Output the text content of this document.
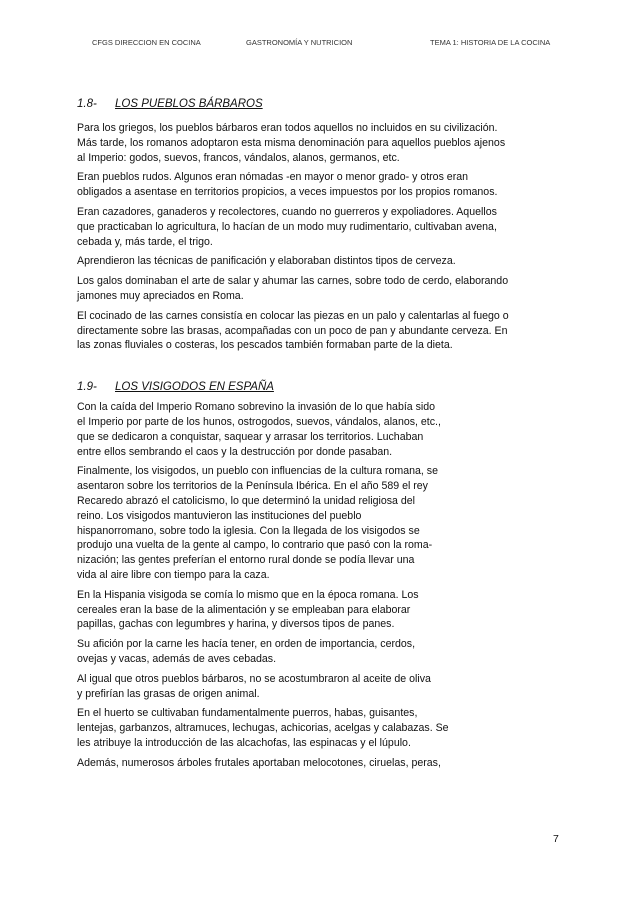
CFGS DIRECCION EN COCINA	GASTRONOMÍA Y NUTRICION	TEMA 1: HISTORIA DE LA COCINA
1.8- LOS PUEBLOS BÁRBAROS

Para los griegos, los pueblos bárbaros eran todos aquellos no incluidos en su civilización.
Más tarde, los romanos adoptaron esta misma denominación para aquellos pueblos ajenos
al Imperio: godos, suevos, francos, vándalos, alanos, germanos, etc.

Eran pueblos rudos. Algunos eran nómadas -en mayor o menor grado- y otros eran
obligados a asentase en territorios propicios, a veces impuestos por los propios romanos.

Eran cazadores, ganaderos y recolectores, cuando no guerreros y expoliadores. Aquellos
que practicaban lo agricultura, lo hacían de un modo muy rudimentario, cultivaban avena,
cebada y, más tarde, el trigo.

Aprendieron las técnicas de panificación y elaboraban distintos tipos de cerveza.

Los galos dominaban el arte de salar y ahumar las carnes, sobre todo de cerdo, elaborando
jamones muy apreciados en Roma.

El cocinado de las carnes consistía en colocar las piezas en un palo y calentarlas al fuego o
directamente sobre las brasas, acompañadas con un poco de pan y abundante cerveza. En
las zonas fluviales o costeras, los pescados también formaban parte de la dieta.

1.9- LOS VISIGODOS EN ESPAÑA

Con la caída del Imperio Romano sobrevino la invasión de lo que había sido
el Imperio por parte de los hunos, ostrogodos, suevos, vándalos, alanos, etc.,
que se dedicaron a conquistar, saquear y arrasar los territorios. Luchaban
entre ellos sembrando el caos y la destrucción por donde pasaban.

Finalmente, los visigodos, un pueblo con influencias de la cultura romana, se
asentaron sobre los territorios de la Península Ibérica. En el año 589 el rey
Recaredo abrazó el catolicismo, lo que determinó la unidad religiosa del
reino. Los visigodos mantuvieron las instituciones del pueblo
hispanorromano, sobre todo la iglesia. Con la llegada de los visigodos se
produjo una vuelta de la gente al campo, lo contrario que pasó con la roma-
nización; las gentes preferían el entorno rural donde se podía llevar una
vida al aire libre con tiempo para la caza.

En la Hispania visigoda se comía lo mismo que en la época romana. Los
cereales eran la base de la alimentación y se empleaban para elaborar
papillas, gachas con legumbres y harina, y diversos tipos de panes.

Su afición por la carne les hacía tener, en orden de importancia, cerdos,
ovejas y vacas, además de aves cebadas.

Al igual que otros pueblos bárbaros, no se acostumbraron al aceite de oliva
y prefirían las grasas de origen animal.

En el huerto se cultivaban fundamentalmente puerros, habas, guisantes,
lentejas, garbanzos, altramuces, lechugas, achicorias, acelgas y calabazas. Se
les atribuye la introducción de las alcachofas, las espinacas y el lúpulo.

Además, numerosos árboles frutales aportaban melocotones, ciruelas, peras,

7
